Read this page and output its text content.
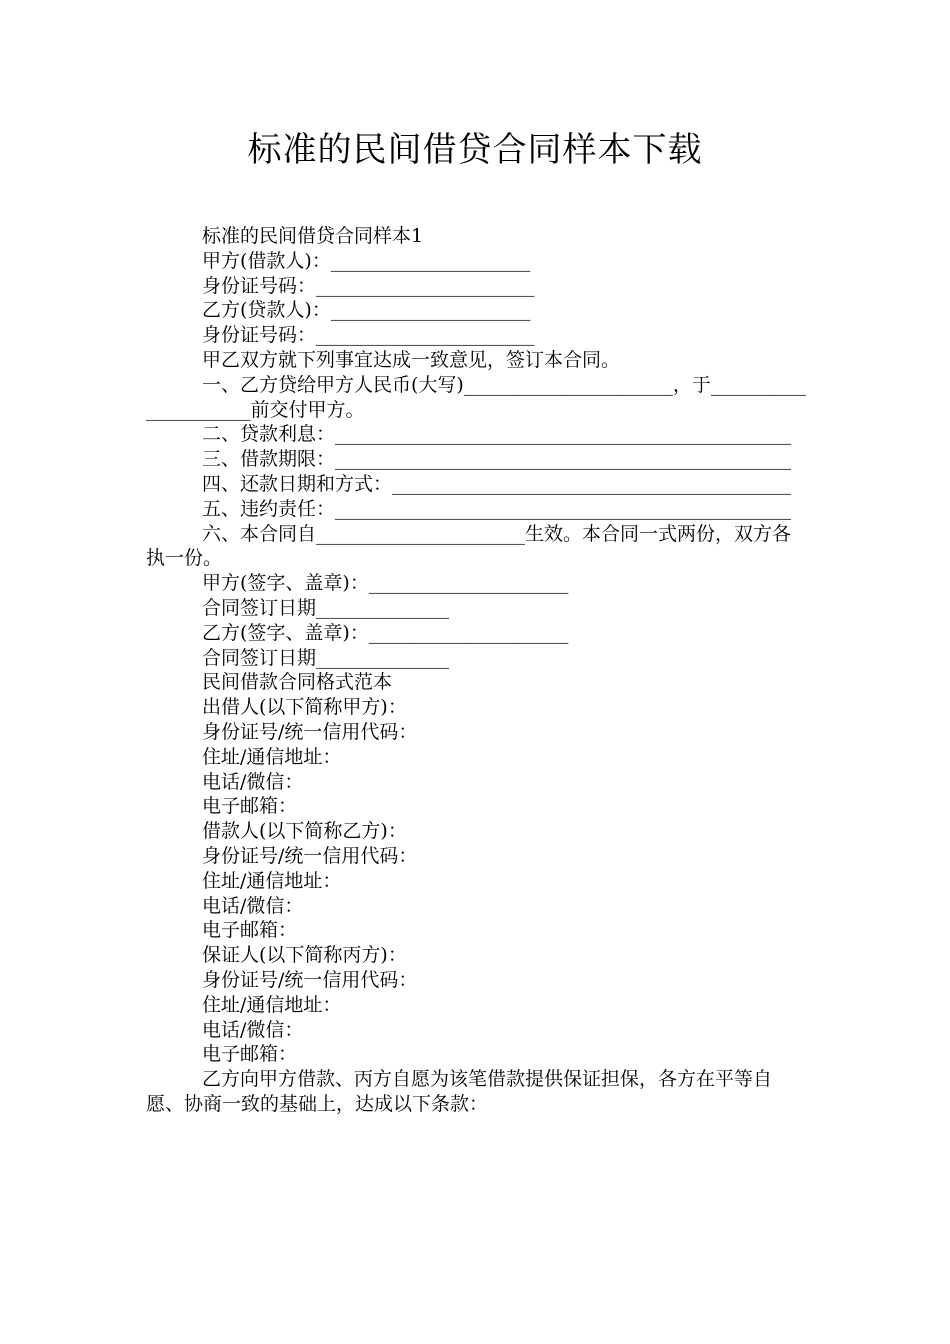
标准的民间借贷合同样本下载
标准的民间借贷合同样本1
甲方(借款人)：_____________________
身份证号码：_______________________
乙方(贷款人)：_____________________
身份证号码：_______________________
甲乙双方就下列事宜达成一致意见，签订本合同。
一、乙方贷给甲方人民币(大写)______________________，于_____________________前交付甲方。
二、贷款利息：________________________________________________
三、借款期限：________________________________________________
四、还款日期和方式：__________________________________________
五、违约责任：________________________________________________
六、本合同自______________________生效。本合同一式两份，双方各执一份。
甲方(签字、盖章)：_____________________
合同签订日期______________
乙方(签字、盖章)：_____________________
合同签订日期______________
民间借款合同格式范本
出借人(以下简称甲方)：
身份证号/统一信用代码：
住址/通信地址：
电话/微信：
电子邮箱：
借款人(以下简称乙方)：
身份证号/统一信用代码：
住址/通信地址：
电话/微信：
电子邮箱：
保证人(以下简称丙方)：
身份证号/统一信用代码：
住址/通信地址：
电话/微信：
电子邮箱：
乙方向甲方借款、丙方自愿为该笔借款提供保证担保，各方在平等自愿、协商一致的基础上，达成以下条款：
